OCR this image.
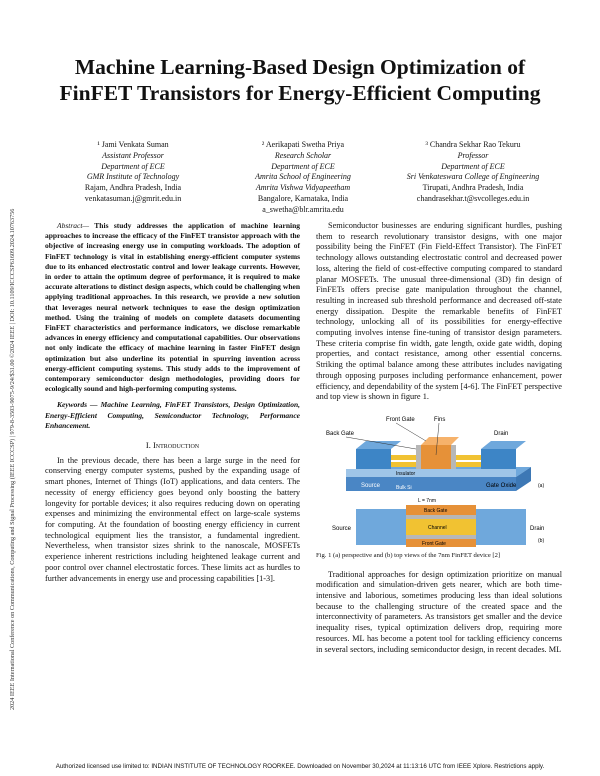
2024 IEEE International Conference on Communications, Computing and Signal Processing (IEEE ICCCSP) | 979-8-3503-9075-9/24/$31.00 ©2024 IEEE | DOI: 10.1109/ICCCSP61609.2024.10763756
Machine Learning-Based Design Optimization of FinFET Transistors for Energy-Efficient Computing
¹ Jami Venkata Suman
Assistant Professor
Department of ECE
GMR Institute of Technology
Rajam, Andhra Pradesh, India
venkatasuman.j@gmrit.edu.in
² Aerikapati Swetha Priya
Research Scholar
Department of ECE
Amrita School of Engineering
Amrita Vishwa Vidyapeetham
Bangalore, Karnataka, India
a_swetha@blr.amrita.edu
³ Chandra Sekhar Rao Tekuru
Professor
Department of ECE
Sri Venkateswara College of Engineering
Tirupati, Andhra Pradesh, India
chandrasekhar.t@svcolleges.edu.in

Abstract— This study addresses the application of machine learning approaches to increase the efficacy of the FinFET transistor approach with the objective of increasing energy use in computing workloads. The adoption of FinFET technology is vital in establishing energy-efficient computer systems due to its enhanced electrostatic control and lower leakage currents. However, in order to attain the optimum degree of performance, it is required to make accurate alterations to distinct design aspects, which could be challenging when applying traditional approaches. In this research, we provide a new solution that leverages neural network techniques to ease the design optimization method. Using the training of models on complete datasets documenting FinFET characteristics and performance indicators, we disclose remarkable advances in energy efficiency and computational capabilities. Our observations not only indicate the efficacy of machine learning in faster FinFET design optimization but also underline its potential in spurring invention across energy-efficient computing systems. This study adds to the improvement of contemporary semiconductor design methodologies, providing doors for ecologically sound and high-performing computing systems.

Keywords — Machine Learning, FinFET Transistors, Design Optimization, Energy-Efficient Computing, Semiconductor Technology, Performance Enhancement.

I. Introduction

In the previous decade, there has been a large surge in the need for conserving energy computer systems, pushed by the expanding usage of smart phones, Internet of Things (IoT) applications, and data centers. The necessity of energy efficiency goes beyond only boosting the battery longevity for portable devices; it also requires reducing down on operating expenses and minimizing the environmental effect on large-scale systems for computing. At the foundation of boosting energy efficiency in current technological equipment lies the transistor, a fundamental ingredient. Nevertheless, when transistor sizes shrink to the nanoscale, MOSFETs experience inherent restrictions including heightened leakage current and poor control over channel electrostatic forces. These limits act as hurdles to further advancements in energy use and processing capabilities [1-3].

Semiconductor businesses are enduring significant hurdles, pushing them to research revolutionary transistor designs, with one major possibility being the FinFET (Fin Field-Effect Transistor). The FinFET technology allows outstanding electrostatic control and decreased power loss, altering the field of cost-effective computing compared to standard planar MOSFETs. The unusual three-dimensional (3D) fin design of FinFETs offers precise gate manipulation throughout the channel, resulting in increased sub threshold performance and decreased off-state energy dissipation. Despite the remarkable benefits of FinFET technology, unlocking all of its possibilities for energy-effective computing involves intense fine-tuning of transistor design parameters. These criteria comprise fin width, gate length, oxide gate width, doping properties, and contact resistance, among other essential concerns. Striking the optimal balance among these attributes includes navigating through opposing purposes including performance enhancement, power efficiency, and dependability of the system [4-6]. The FinFET perspective and top view is shown in figure 1.

Front Gate	Fins
Back Gate	Drain
Source	Gate Oxide
Insulator
Bulk Si	(a)
L = 7nm
Back Gate
Channel
Front Gate
Source	Drain
(b)

Fig. 1 (a) perspective and (b) top views of the 7nm FinFET device [2]

Traditional approaches for design optimization prioritize on manual modification and simulation-driven gets nearer, which are both time-intensive and laborious, sometimes producing less than ideal solutions because to the challenging structure of the created space and the interconnectivity of parameters. As transistors get smaller and the device inequality rises, typical optimization delivers drop, requiring more resources. ML has become a potent tool for tackling efficiency concerns in several sectors, including semiconductor design, in recent decades. ML

Authorized licensed use limited to: INDIAN INSTITUTE OF TECHNOLOGY ROORKEE. Downloaded on November 30,2024 at 11:13:16 UTC from IEEE Xplore. Restrictions apply.
